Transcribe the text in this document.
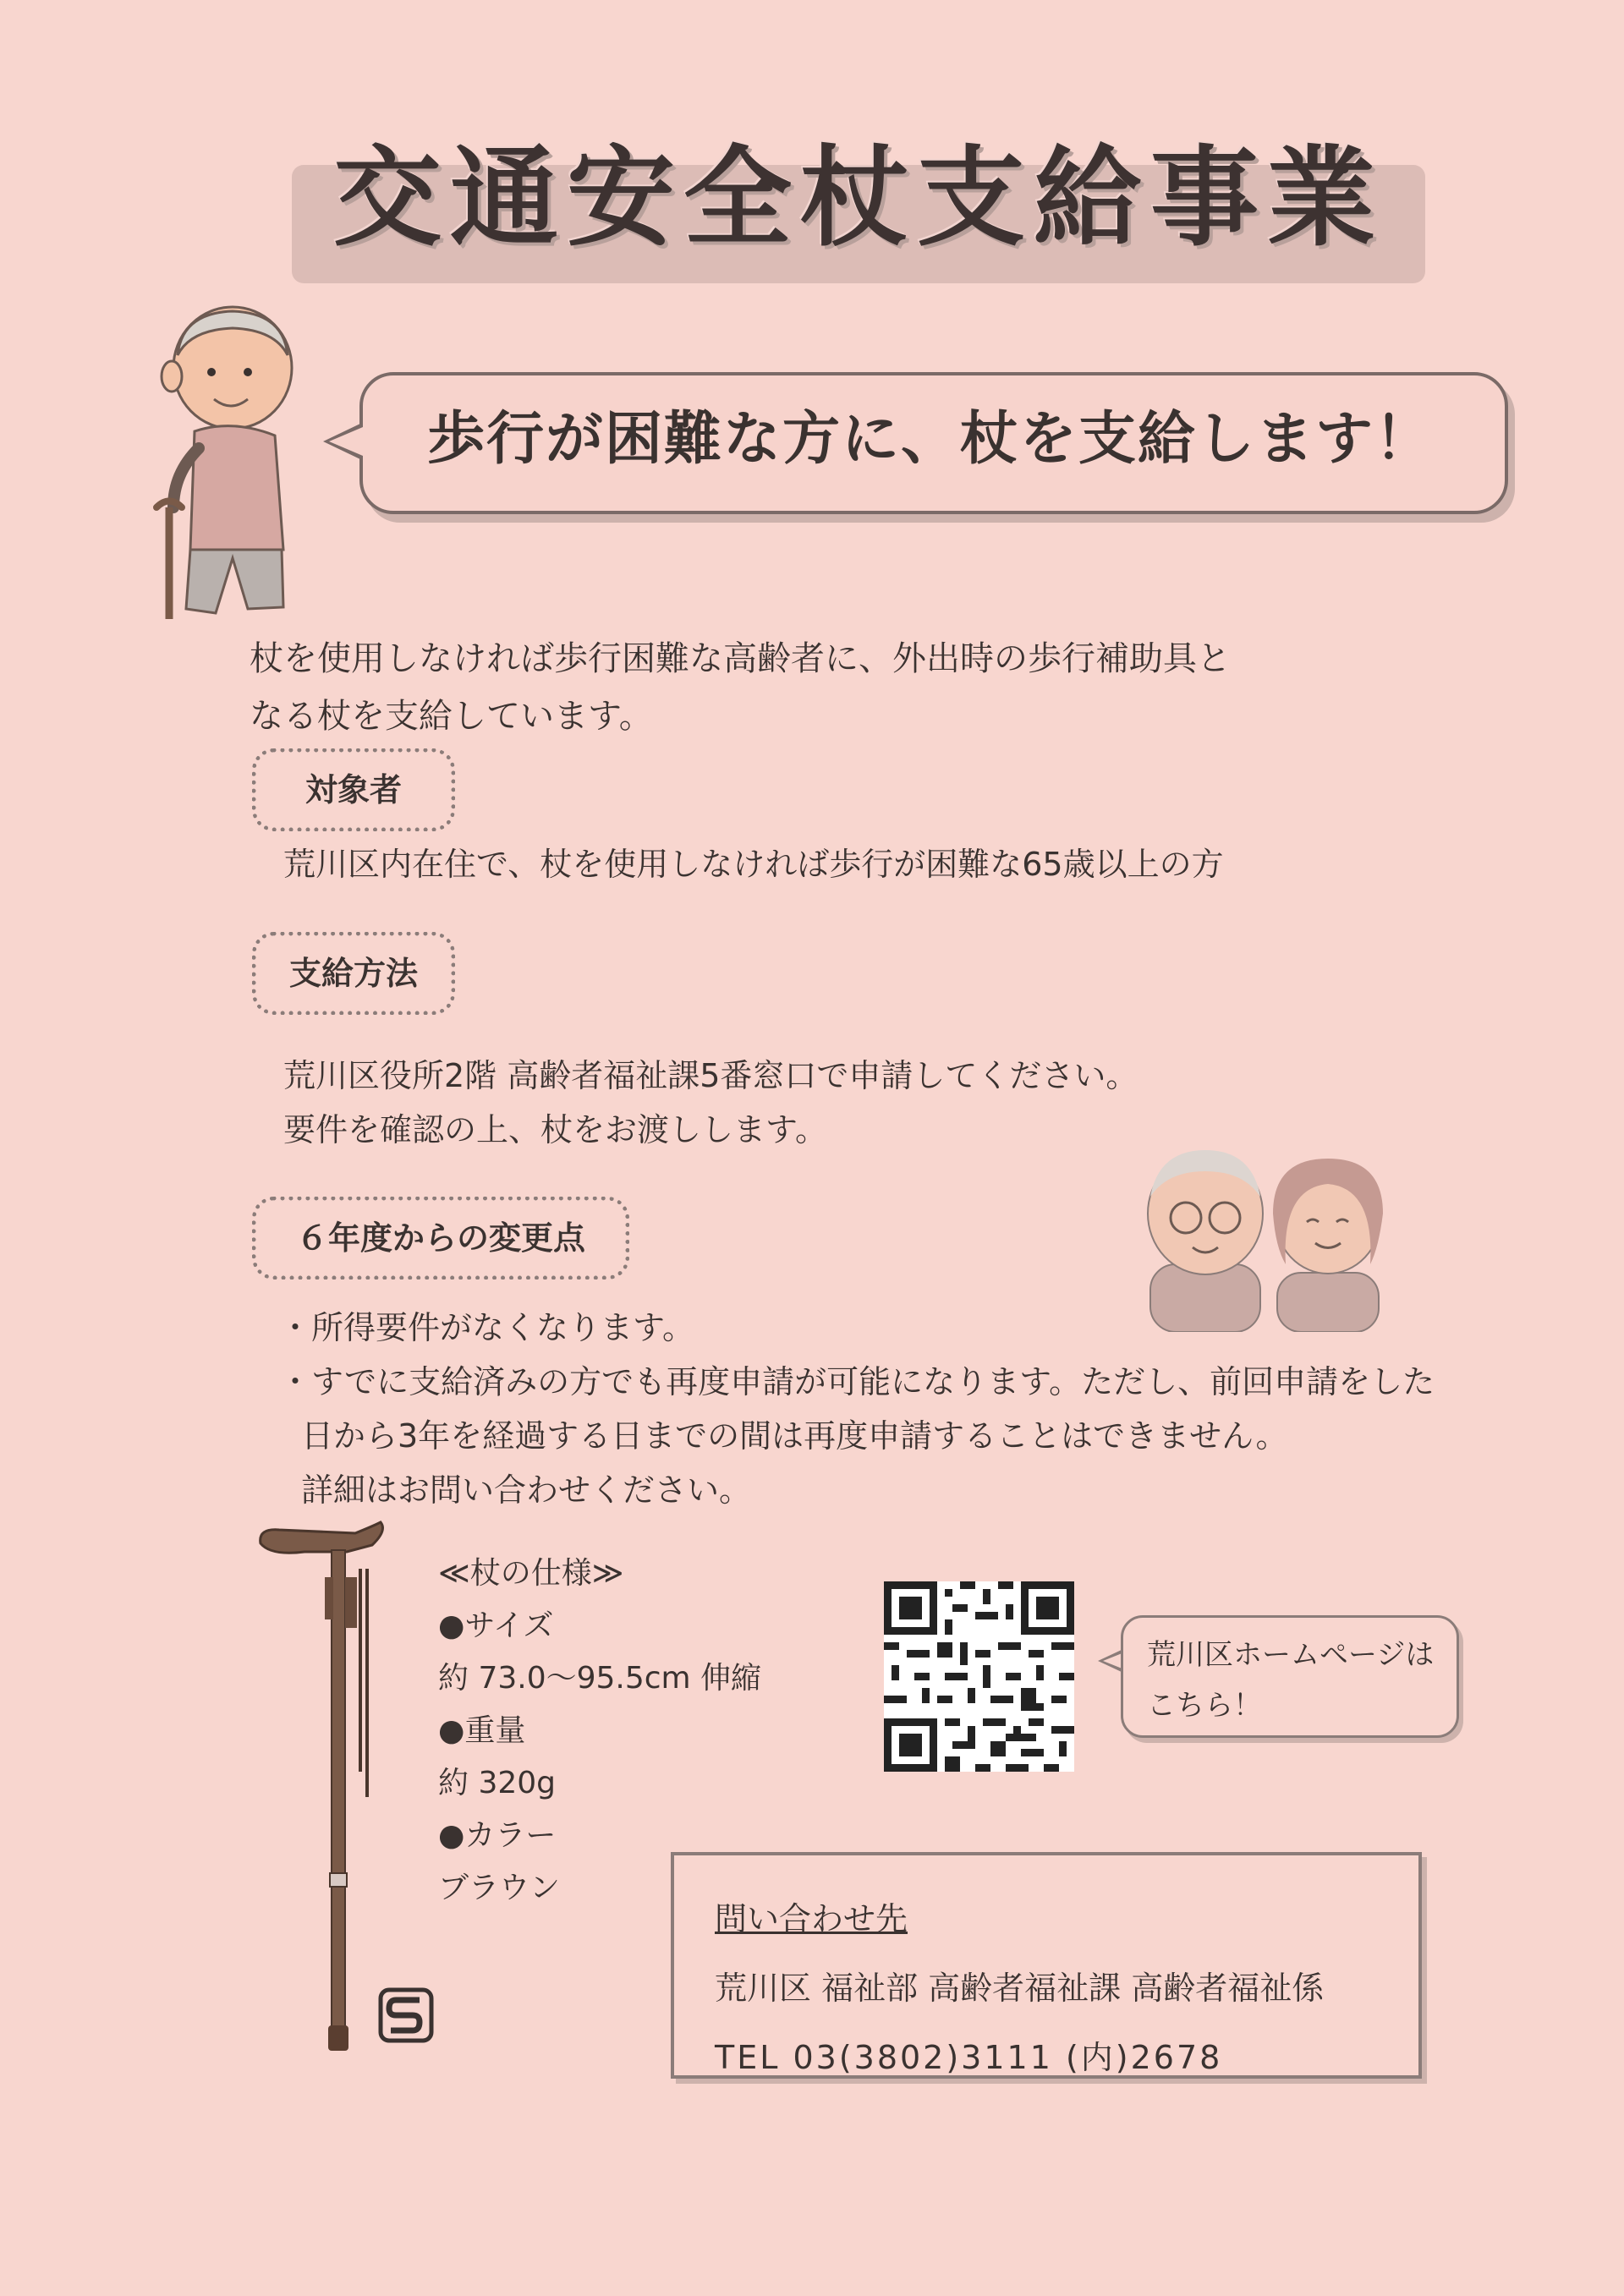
交通安全杖支給事業
歩行が困難な方に、杖を支給します！
杖を使用しなければ歩行困難な高齢者に、外出時の歩行補助具と
なる杖を支給しています。
対象者
荒川区内在住で、杖を使用しなければ歩行が困難な65歳以上の方
支給方法
荒川区役所2階 高齢者福祉課5番窓口で申請してください。
要件を確認の上、杖をお渡しします。
６年度からの変更点
・所得要件がなくなります。
・すでに支給済みの方でも再度申請が可能になります。ただし、前回申請をした
日から3年を経過する日までの間は再度申請することはできません。
詳細はお問い合わせください。
≪杖の仕様≫
●サイズ
約 73.0～95.5cm 伸縮
●重量
約 320g
●カラー
ブラウン
荒川区ホームページは
こちら！
問い合わせ先
荒川区 福祉部 高齢者福祉課 高齢者福祉係
TEL 03(3802)3111 (内)2678
